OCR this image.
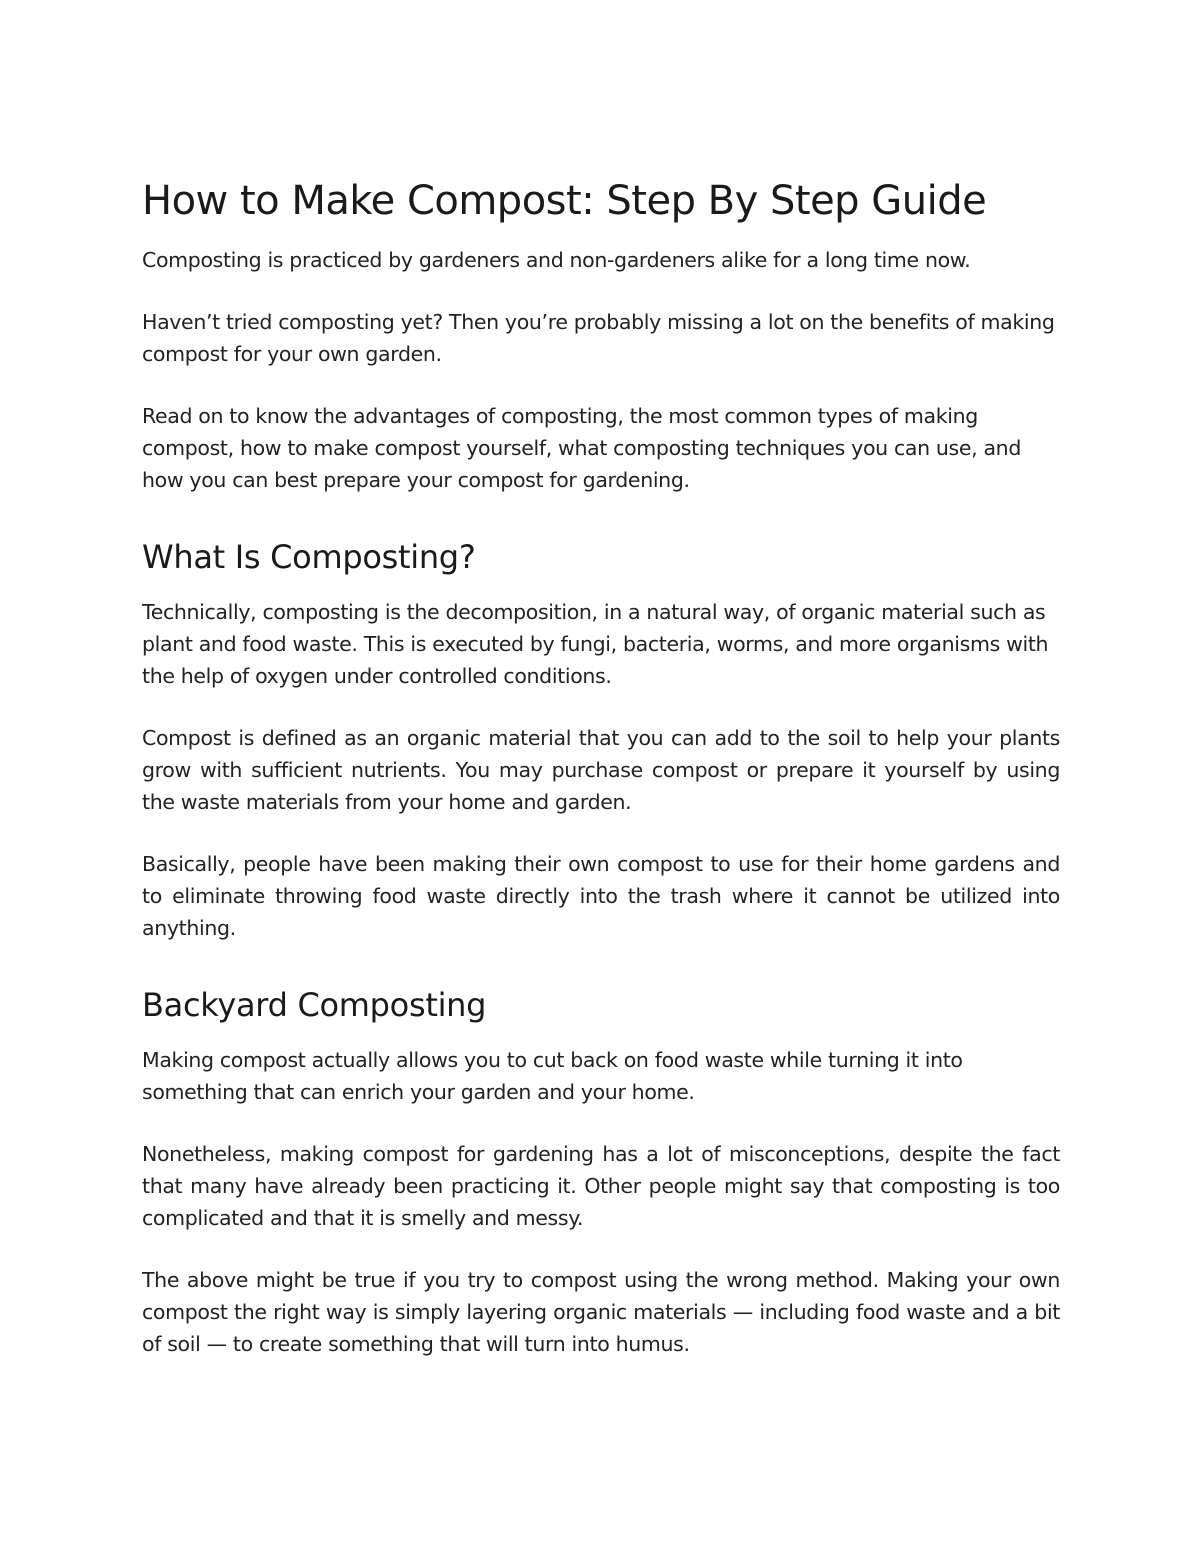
How to Make Compost: Step By Step Guide

Composting is practiced by gardeners and non-gardeners alike for a long time now.

Haven’t tried composting yet? Then you’re probably missing a lot on the benefits of making compost for your own garden.

Read on to know the advantages of composting, the most common types of making compost, how to make compost yourself, what composting techniques you can use, and how you can best prepare your compost for gardening.

What Is Composting?

Technically, composting is the decomposition, in a natural way, of organic material such as plant and food waste. This is executed by fungi, bacteria, worms, and more organisms with the help of oxygen under controlled conditions.

Compost is defined as an organic material that you can add to the soil to help your plants grow with sufficient nutrients. You may purchase compost or prepare it yourself by using the waste materials from your home and garden.

Basically, people have been making their own compost to use for their home gardens and to eliminate throwing food waste directly into the trash where it cannot be utilized into anything.

Backyard Composting

Making compost actually allows you to cut back on food waste while turning it into something that can enrich your garden and your home.

Nonetheless, making compost for gardening has a lot of misconceptions, despite the fact that many have already been practicing it. Other people might say that composting is too complicated and that it is smelly and messy.

The above might be true if you try to compost using the wrong method. Making your own compost the right way is simply layering organic materials — including food waste and a bit of soil — to create something that will turn into humus.
